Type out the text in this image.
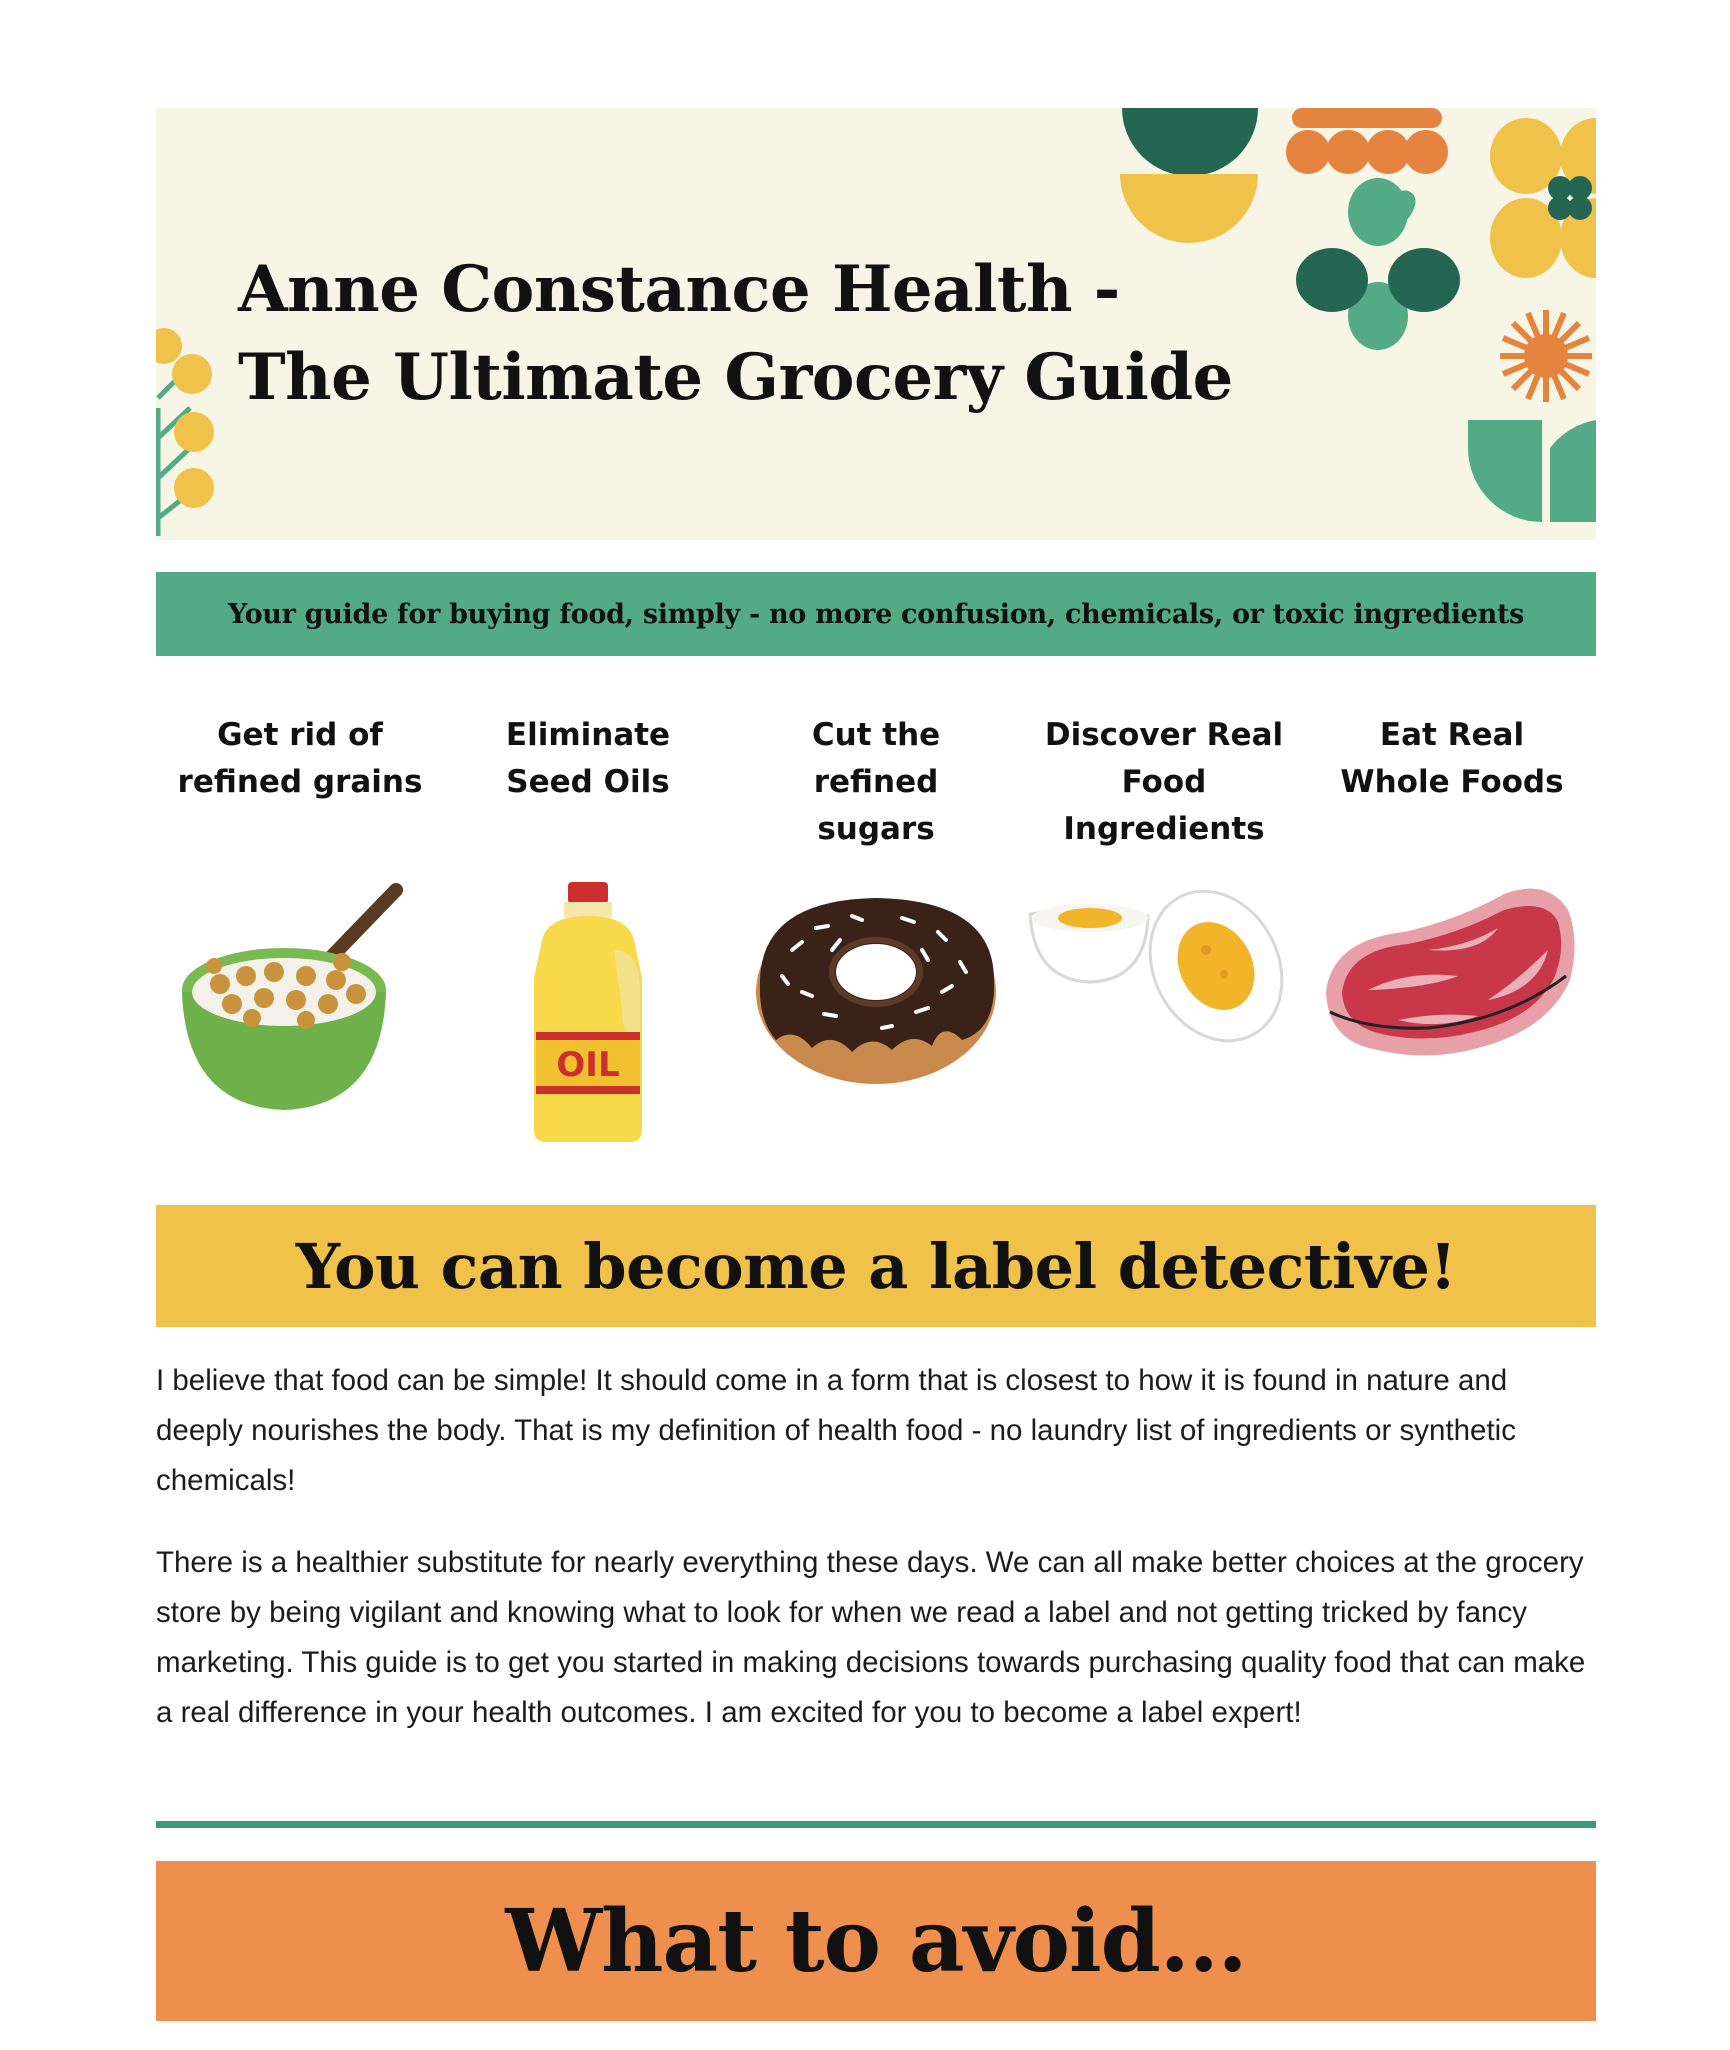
Anne Constance Health -
The Ultimate Grocery Guide
Your guide for buying food, simply - no more confusion, chemicals, or toxic ingredients
Get rid of refined grains
Eliminate Seed Oils
OIL
Cut the refined sugars
Discover Real Food Ingredients
Eat Real Whole Foods
You can become a label detective!

I believe that food can be simple! It should come in a form that is closest to how it is found in nature and deeply nourishes the body. That is my definition of health food - no laundry list of ingredients or synthetic chemicals!

There is a healthier substitute for nearly everything these days. We can all make better choices at the grocery store by being vigilant and knowing what to look for when we read a label and not getting tricked by fancy marketing. This guide is to get you started in making decisions towards purchasing quality food that can make a real difference in your health outcomes. I am excited for you to become a label expert!

What to avoid...
